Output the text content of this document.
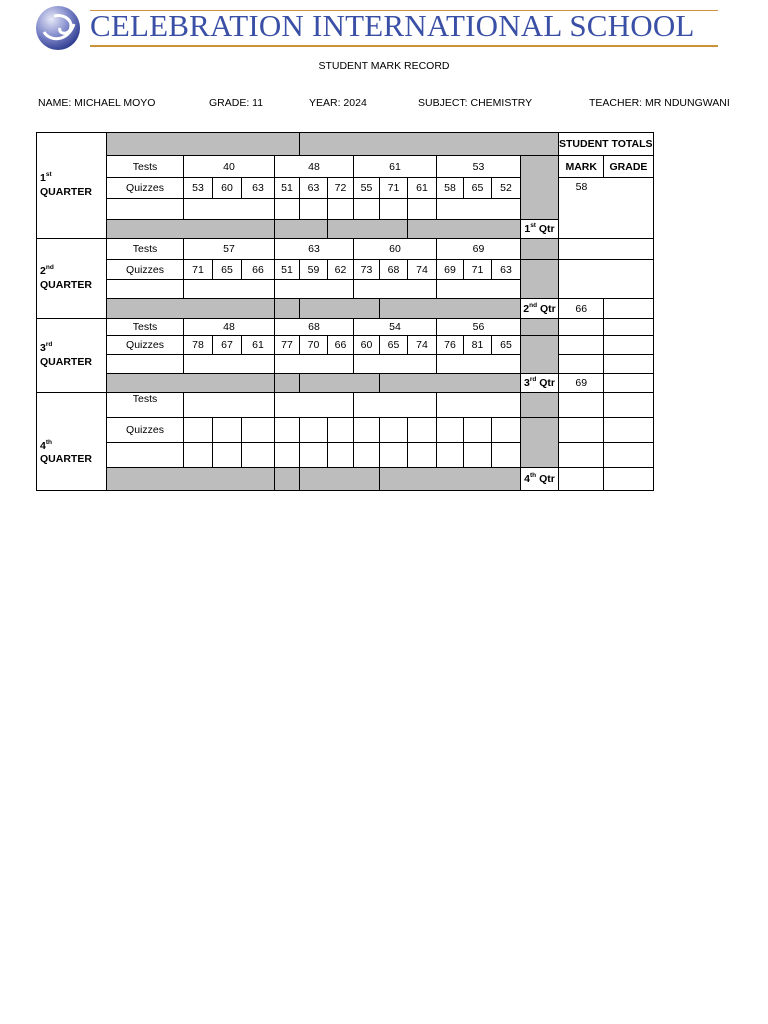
CELEBRATION INTERNATIONAL SCHOOL
STUDENT MARK RECORD
NAME: MICHAEL MOYO	GRADE: 11	YEAR: 2024	SUBJECT: CHEMISTRY	TEACHER: MR NDUNGWANI
1st QUARTER															STUDENT TOTALS	
	Tests	40			48			61			53				MARK	GRADE
	Quizzes	53	60	63	51	63	72	55	71	61	58	65	52		58	

														1st Qtr		
2nd
QUARTER	Tests	57			63			60			69					
	Quizzes	71	65	66	51	59	62	73	68	74	69	71	63			

														2nd Qtr	66	
3rd QUARTER	Tests	48			68			54			56					
	Quizzes	78	67	61	77	70	66	60	65	74	76	81	65			

														3rd Qtr	69	
4th QUARTER	Tests															
	Quizzes															

														4th Qtr		
